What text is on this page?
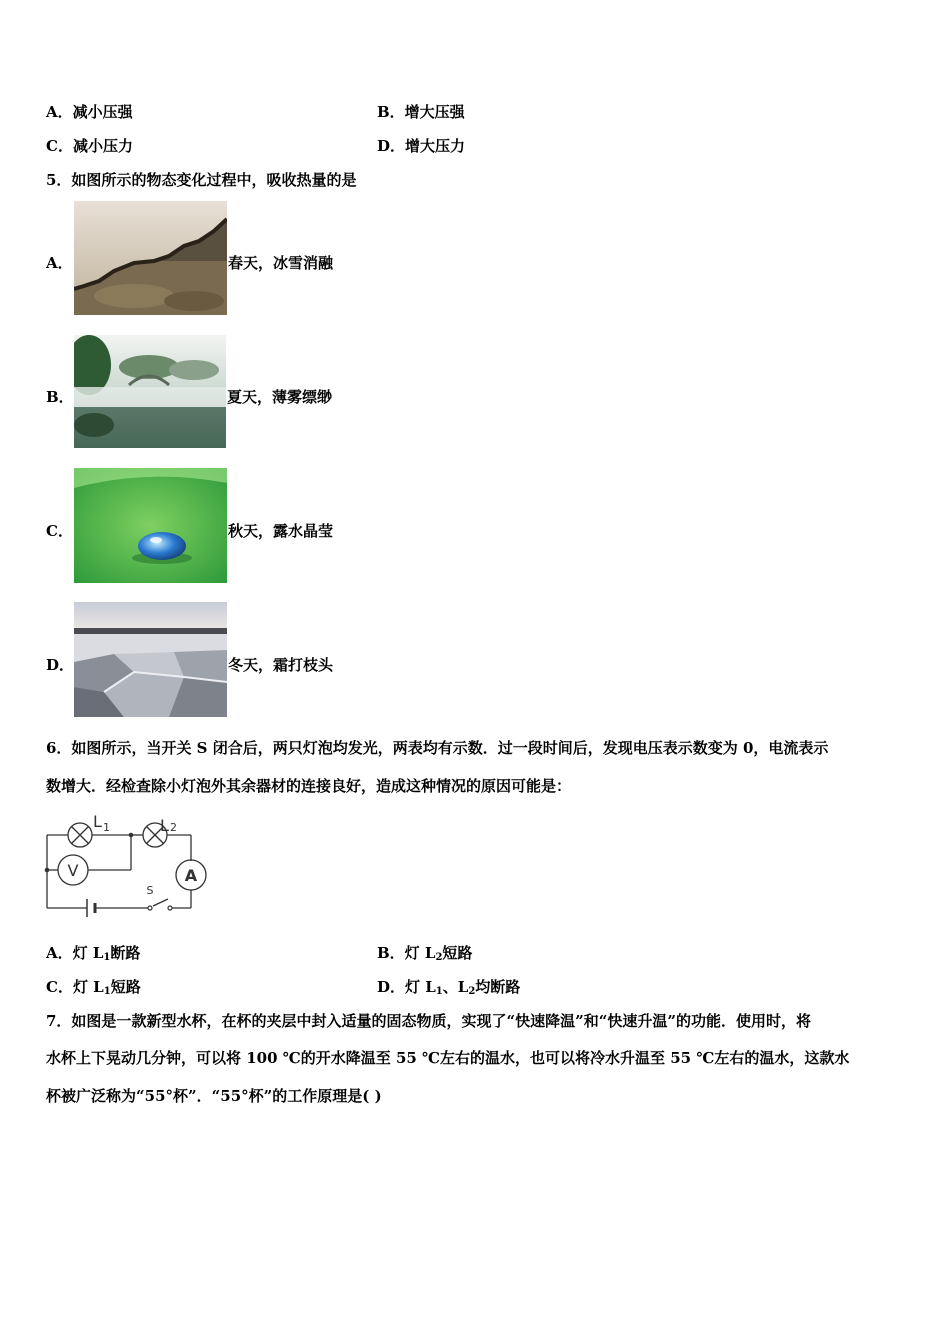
A．减小压强	B．增大压强
C．减小压力	D．增大压力
5．如图所示的物态变化过程中，吸收热量的是
A．	春天，冰雪消融
B．	夏天，薄雾缥缈
C．	秋天，露水晶莹
D．	冬天，霜打枝头
6．如图所示，当开关 S 闭合后，两只灯泡均发光，两表均有示数．过一段时间后，发现电压表示数变为 0，电流表示
数增大．经检查除小灯泡外其余器材的连接良好，造成这种情况的原因可能是：
L 1	L 2
V	A
S
A．灯 $L_1$断路	B．灯 $L_2$短路
C．灯 $L_1$短路	D．灯 $L_1$、$L_2$均断路
7．如图是一款新型水杯，在杯的夹层中封入适量的固态物质，实现了“快速降温”和“快速升温”的功能．使用时，将
水杯上下晃动几分钟，可以将 100 ℃的开水降温至 55 ℃左右的温水，也可以将冷水升温至 55 ℃左右的温水，这款水
杯被广泛称为“55°杯”．“55°杯”的工作原理是( )
